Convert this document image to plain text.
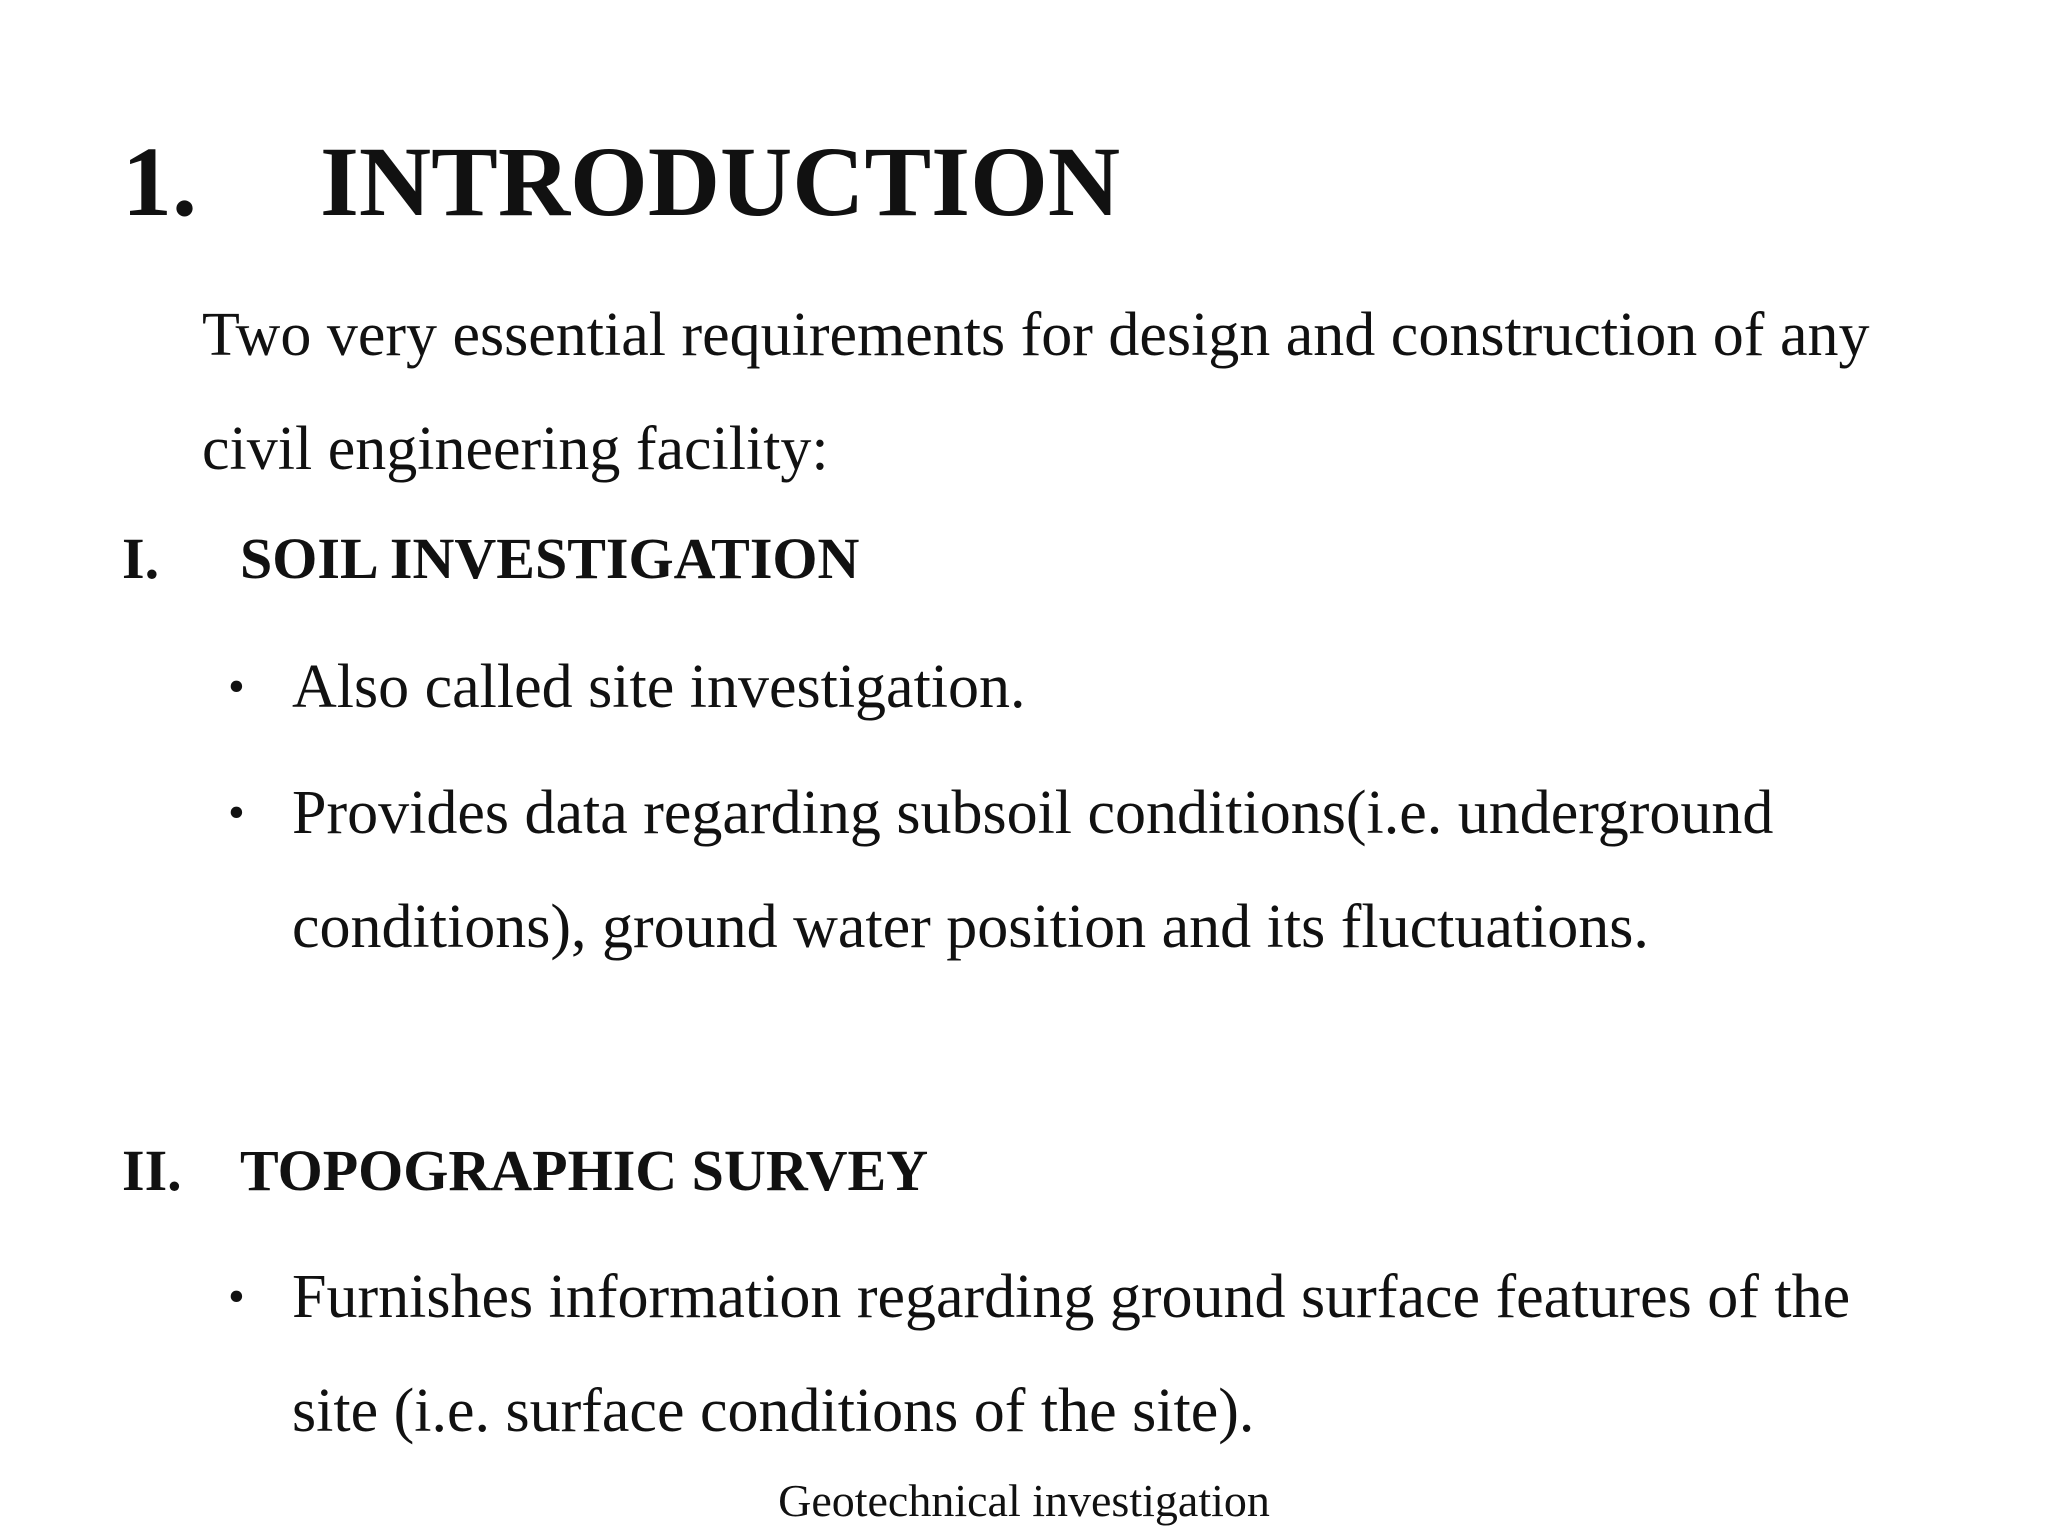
1. INTRODUCTION
Two very essential requirements for design and construction of any civil engineering facility:
I. SOIL INVESTIGATION
• Also called site investigation.
• Provides data regarding subsoil conditions(i.e. underground conditions), ground water position and its fluctuations.
II. TOPOGRAPHIC SURVEY
• Furnishes information regarding ground surface features of the site (i.e. surface conditions of the site).
Geotechnical investigation
